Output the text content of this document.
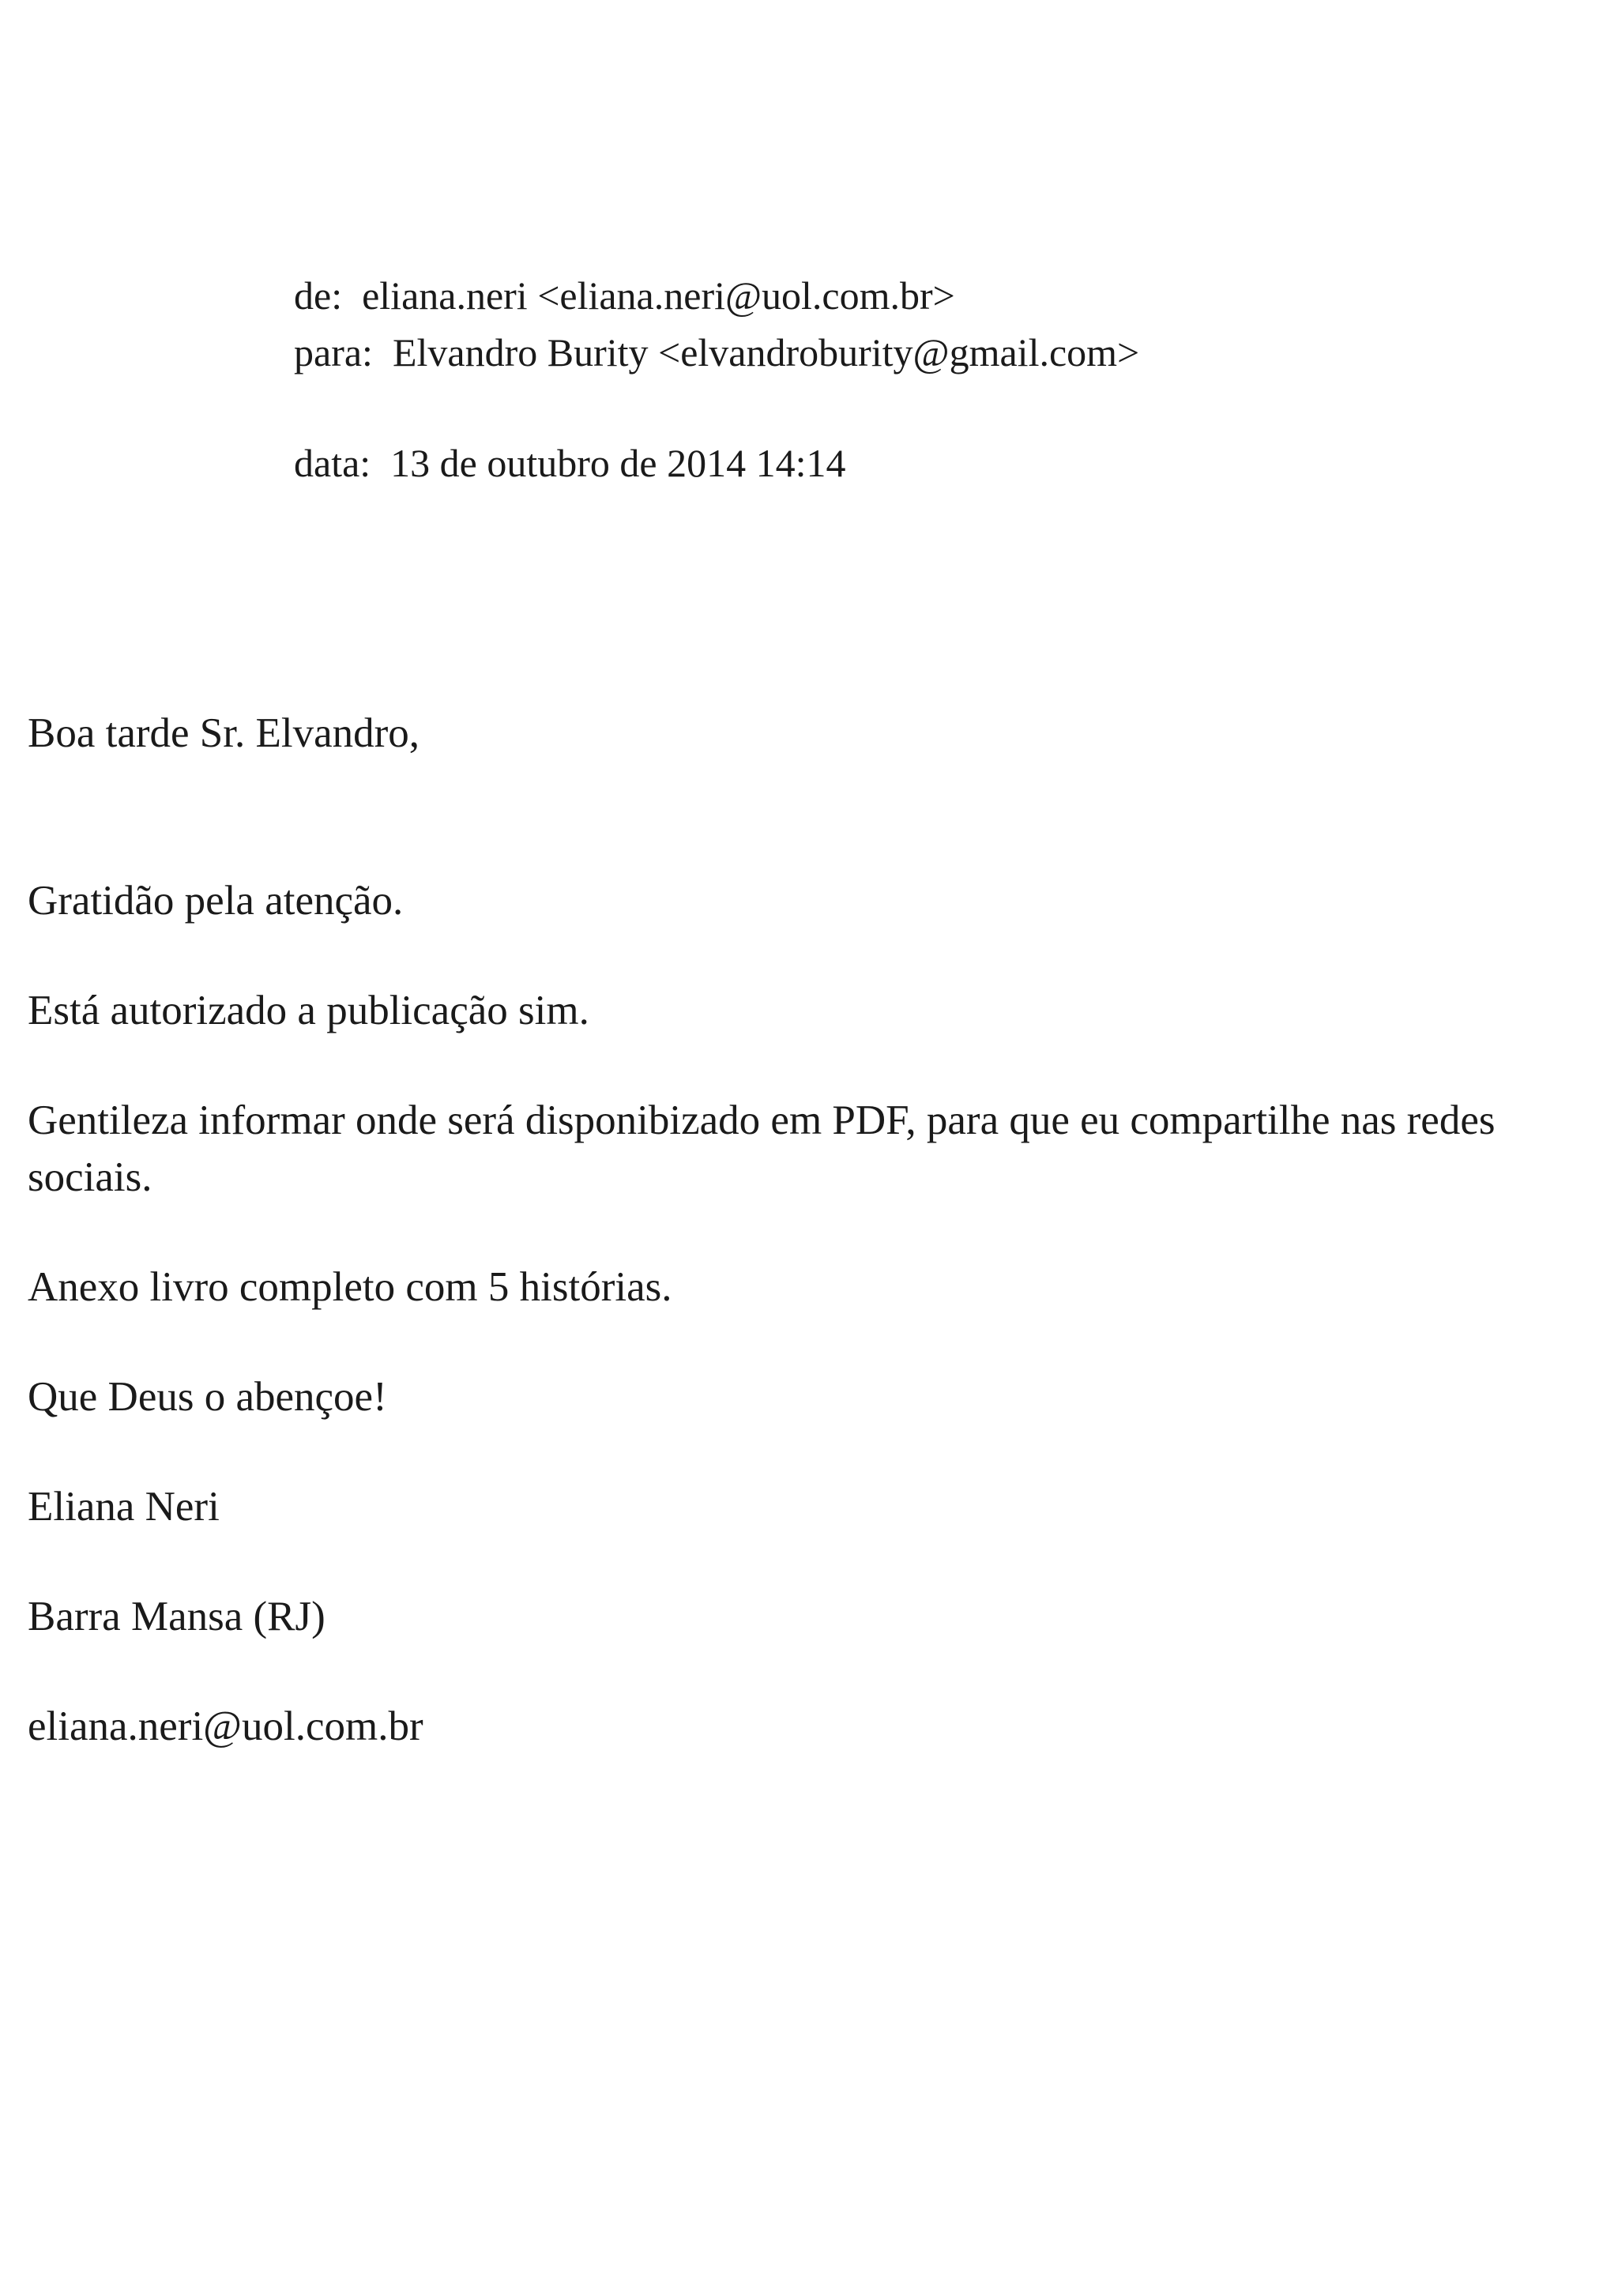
de: eliana.neri <eliana.neri@uol.com.br>
para: Elvandro Burity <elvandroburity@gmail.com>
data: 13 de outubro de 2014 14:14

Boa tarde Sr. Elvandro,

Gratidão pela atenção.

Está autorizado a publicação sim.

Gentileza informar onde será disponibizado em PDF, para que eu compartilhe nas redes sociais.

Anexo livro completo com 5 histórias.

Que Deus o abençoe!

Eliana Neri

Barra Mansa (RJ)

eliana.neri@uol.com.br
